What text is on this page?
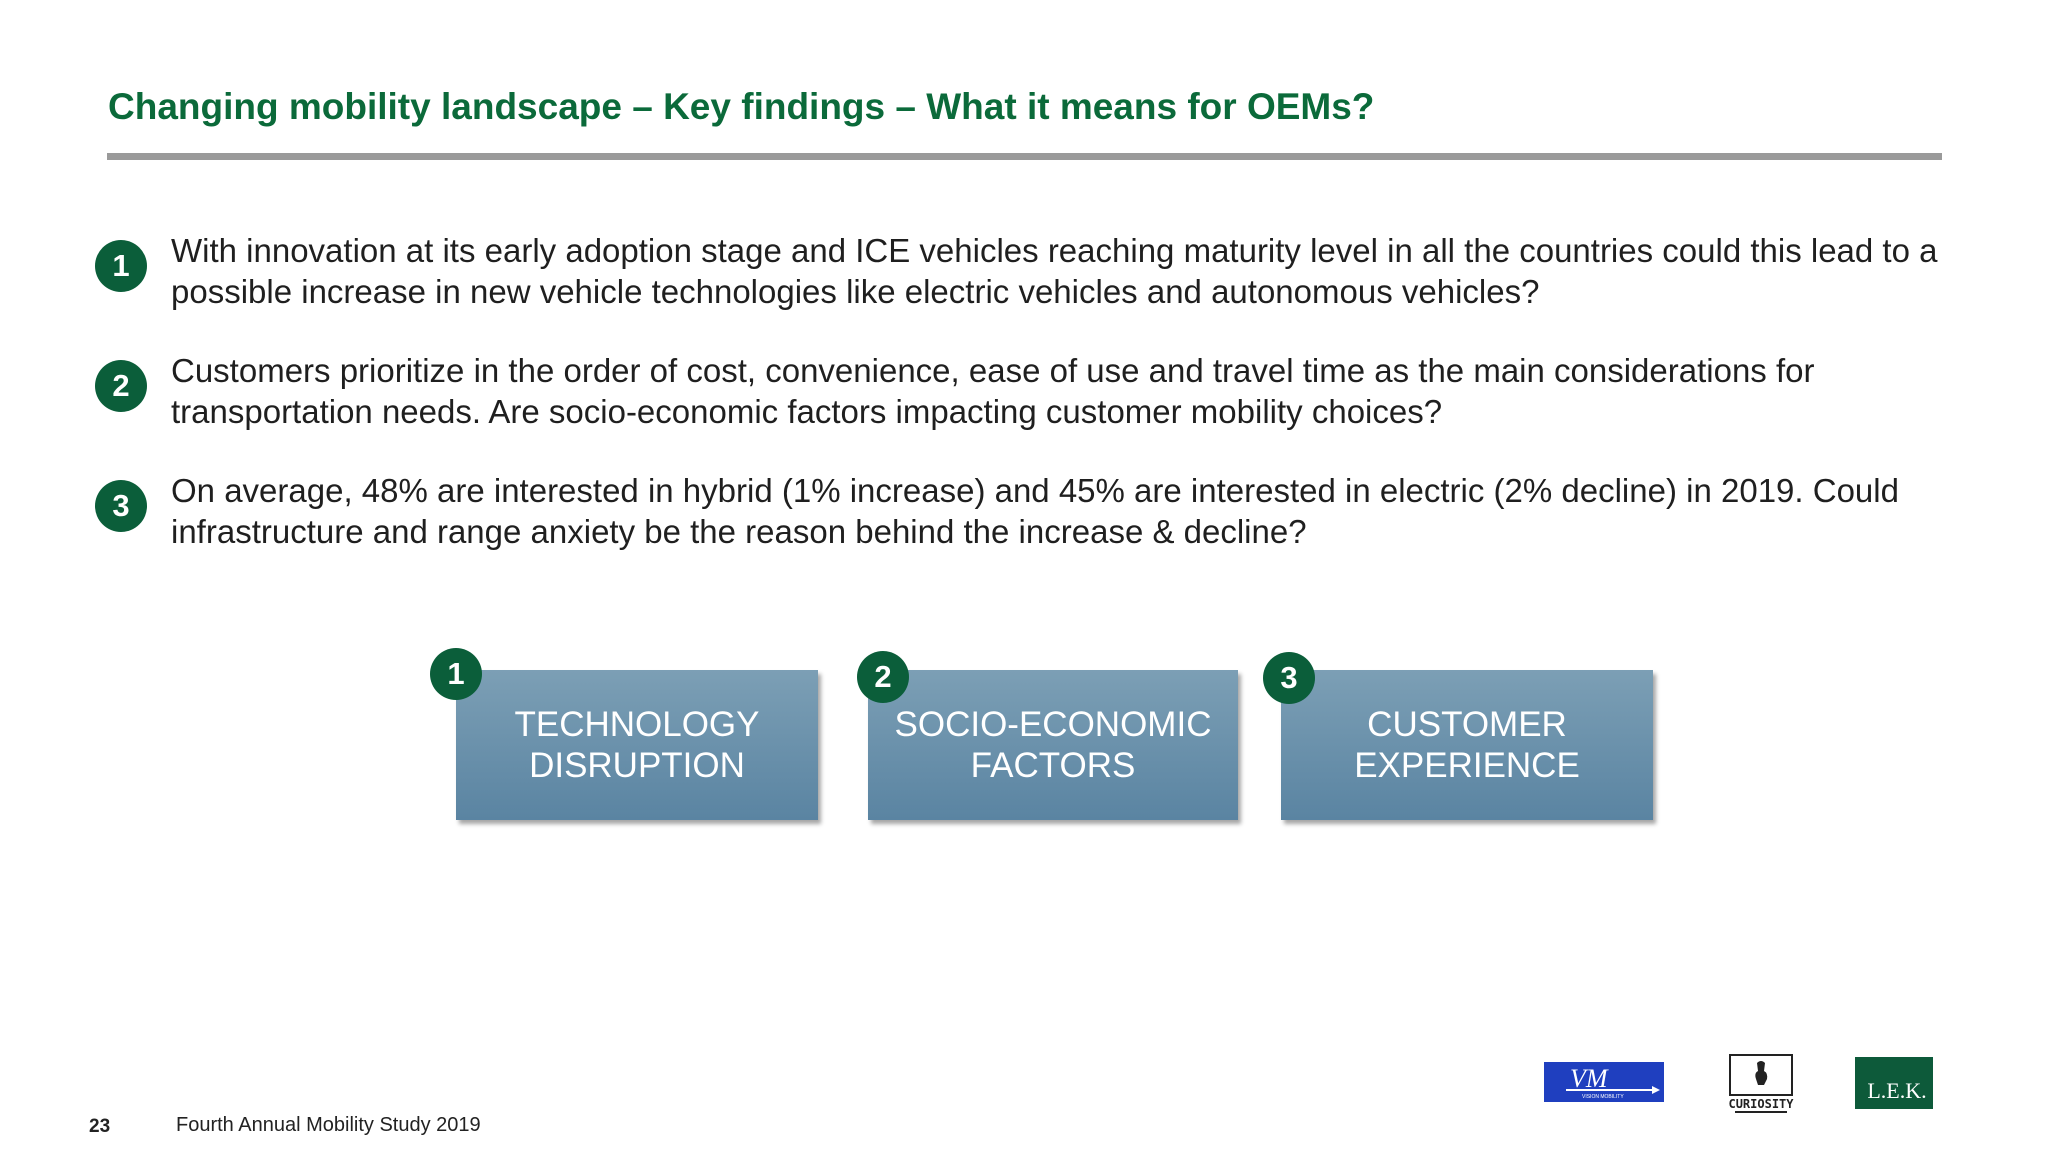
Changing mobility landscape – Key findings – What it means for OEMs?
1	With innovation at its early adoption stage and ICE vehicles reaching maturity level in all the countries could this lead to a possible increase in new vehicle technologies like electric vehicles and autonomous vehicles?
2	Customers prioritize in the order of cost, convenience, ease of use and travel time as the main considerations for transportation needs. Are socio-economic factors impacting customer mobility choices?
3	On average, 48% are interested in hybrid (1% increase) and 45% are interested in electric (2% decline) in 2019. Could infrastructure and range anxiety be the reason behind the increase & decline?
TECHNOLOGY
DISRUPTION
1
SOCIO-ECONOMIC
FACTORS
2
CUSTOMER
EXPERIENCE
3
23	Fourth Annual Mobility Study 2019
VM
VISION MOBILITY	CURIOSITY
L.E.K.
